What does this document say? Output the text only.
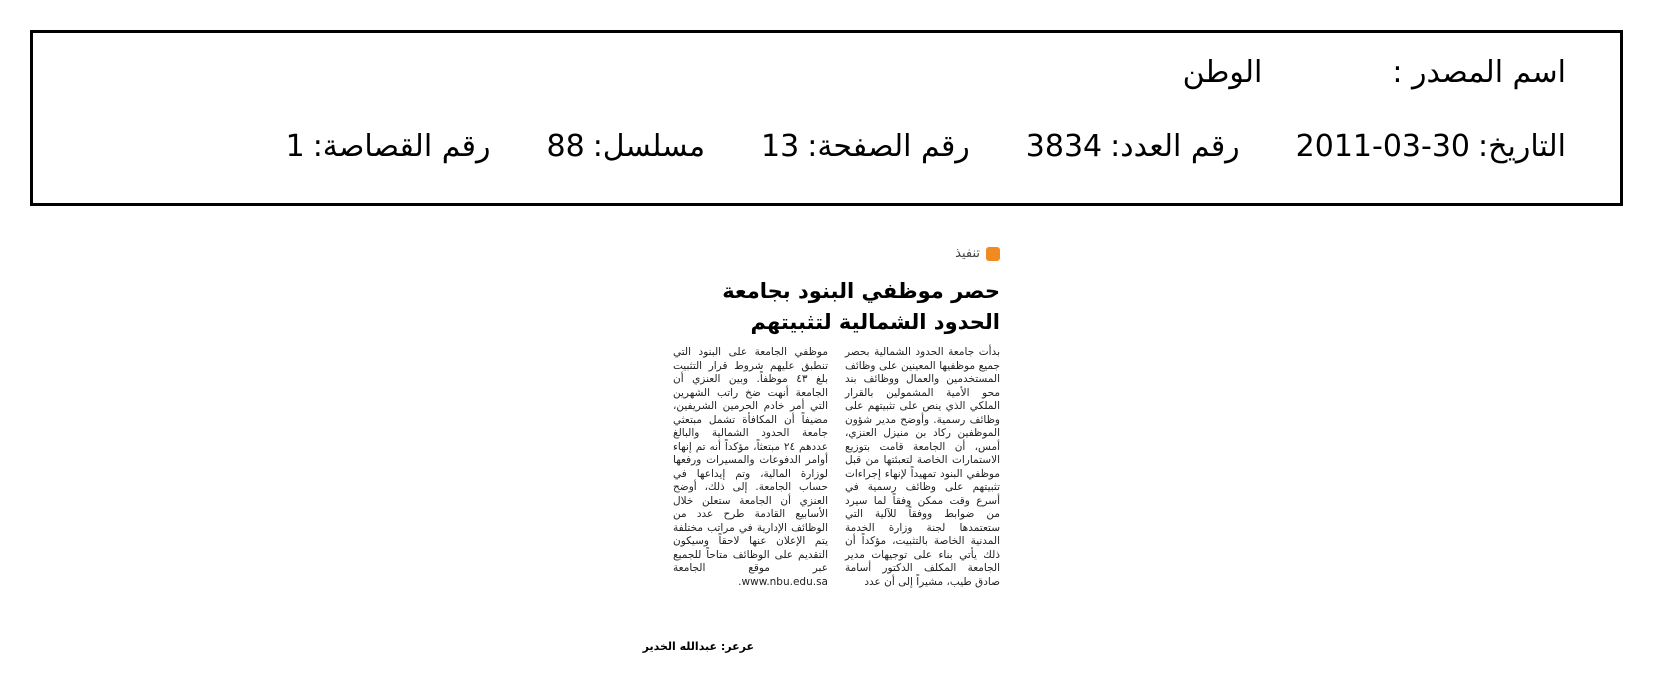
اسم المصدر :الوطن
التاريخ:2011-03-30رقم العدد:3834رقم الصفحة:13مسلسل:88رقم القصاصة:1
تنفيذ
حصر موظفي البنود بجامعة الحدود الشمالية لتثبيتهم

بدأت جامعة الحدود الشمالية بحصر جميع موظفيها المعينين على وظائف المستخدمين والعمال ووظائف بند محو الأمية المشمولين بالقرار الملكي الذي ينص على تثبيتهم على وظائف رسمية. وأوضح مدير شؤون الموظفين ركاد بن منيزل العنزي، أمس، أن الجامعة قامت بتوزيع الاستمارات الخاصة لتعبئتها من قبل موظفي البنود تمهيداً لإنهاء إجراءات تثبيتهم على وظائف رسمية في أسرع وقت ممكن وفقاً لما سيرد من ضوابط ووفقاً للآلية التي ستعتمدها لجنة وزارة الخدمة المدنية الخاصة بالتثبيت، مؤكداً أن ذلك يأتي بناء على توجيهات مدير الجامعة المكلف الدكتور أسامة صادق طيب، مشيراً إلى أن عدد

موظفي الجامعة على البنود التي تنطبق عليهم شروط قرار التثبيت بلغ ٤٣ موظفاً. وبين العنزي أن الجامعة أنهت ضخ راتب الشهرين التي أمر خادم الحرمين الشريفين، مضيفاً أن المكافأة تشمل مبتعثي جامعة الحدود الشمالية والبالغ عددهم ٢٤ مبتعثاً، مؤكداً أنه تم إنهاء أوامر الدفوعات والمسيرات ورفعها لوزارة المالية، وتم إيداعها في حساب الجامعة. إلى ذلك، أوضح العنزي أن الجامعة ستعلن خلال الأسابيع القادمة طرح عدد من الوظائف الإدارية في مراتب مختلفة يتم الإعلان عنها لاحقاً وسيكون التقديم على الوظائف متاحاً للجميع عبر موقع الجامعة www.nbu.edu.sa.

عرعر: عبدالله الخدير
